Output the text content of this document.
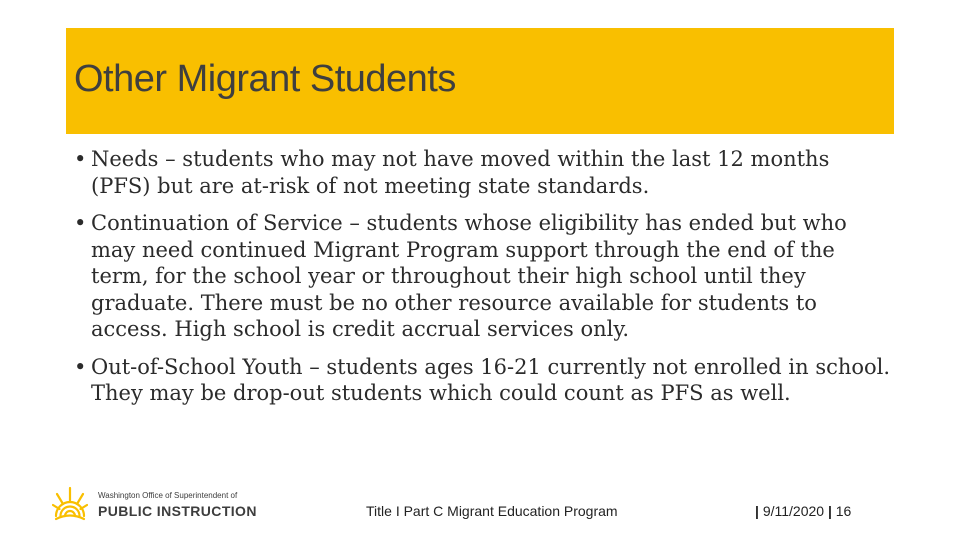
Other Migrant Students
• Needs – students who may not have moved within the last 12 months (PFS) but are at-risk of not meeting state standards.
• Continuation of Service – students whose eligibility has ended but who may need continued Migrant Program support through the end of the term, for the school year or throughout their high school until they graduate. There must be no other resource available for students to access. High school is credit accrual services only.
• Out-of-School Youth – students ages 16-21 currently not enrolled in school. They may be drop-out students which could count as PFS as well.
Washington Office of Superintendent of
PUBLIC INSTRUCTION	Title I Part C Migrant Education Program	| 9/11/2020 | 16
